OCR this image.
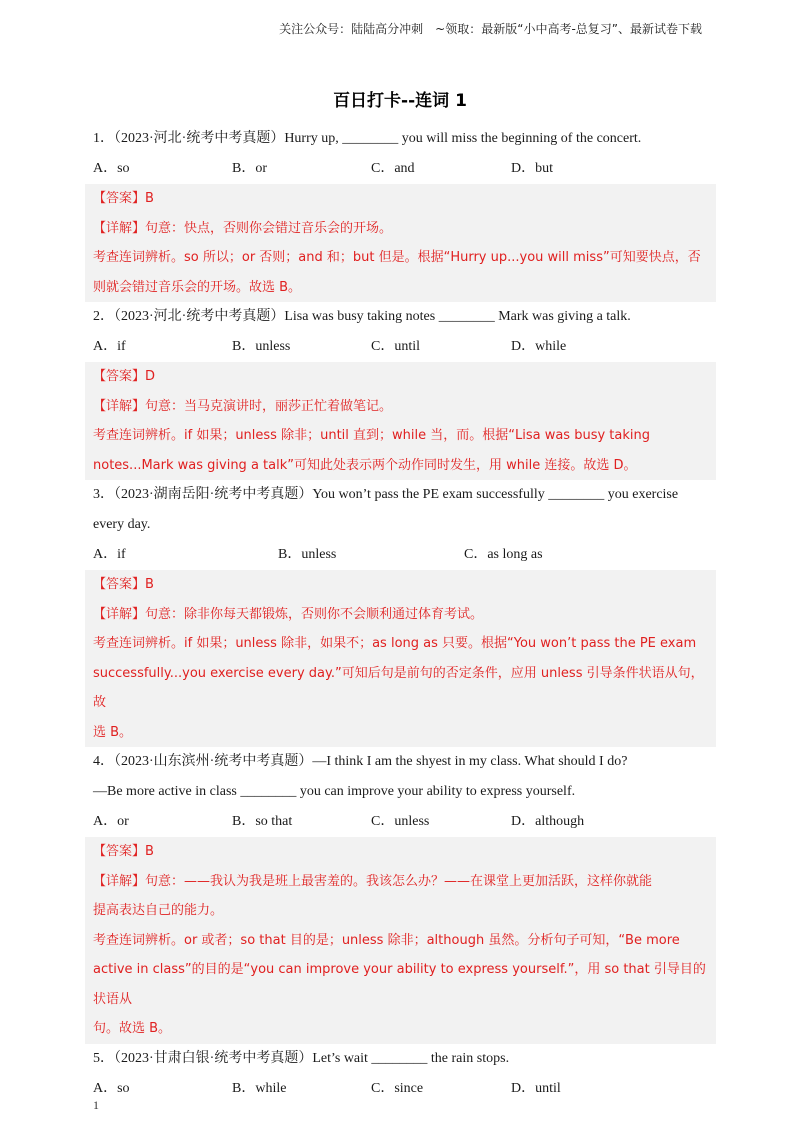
关注公众号：陆陆高分冲刺　~领取：最新版“小中高考-总复习”、最新试卷下载
百日打卡--连词 1
1．（2023·河北·统考中考真题）Hurry up, ________ you will miss the beginning of the concert.
A．so	B．or	C．and	D．but
【答案】B
【详解】句意：快点，否则你会错过音乐会的开场。
考查连词辨析。so 所以；or 否则；and 和；but 但是。根据“Hurry up...you will miss”可知要快点，否
则就会错过音乐会的开场。故选 B。
2．（2023·河北·统考中考真题）Lisa was busy taking notes ________ Mark was giving a talk.
A．if	B．unless	C．until	D．while
【答案】D
【详解】句意：当马克演讲时，丽莎正忙着做笔记。
考查连词辨析。if 如果；unless 除非；until 直到；while 当，而。根据“Lisa was busy taking
notes...Mark was giving a talk”可知此处表示两个动作同时发生，用 while 连接。故选 D。
3．（2023·湖南岳阳·统考中考真题）You won’t pass the PE exam successfully ________ you exercise
every day.
A．if	B．unless	C．as long as
【答案】B
【详解】句意：除非你每天都锻炼，否则你不会顺利通过体育考试。
考查连词辨析。if 如果；unless 除非，如果不；as long as 只要。根据“You won’t pass the PE exam
successfully...you exercise every day.”可知后句是前句的否定条件，应用 unless 引导条件状语从句，故
选 B。
4．（2023·山东滨州·统考中考真题）—I think I am the shyest in my class. What should I do?
—Be more active in class ________ you can improve your ability to express yourself.
A．or	B．so that	C．unless	D．although
【答案】B
【详解】句意：——我认为我是班上最害羞的。我该怎么办？——在课堂上更加活跃，这样你就能
提高表达自己的能力。
考查连词辨析。or 或者；so that 目的是；unless 除非；although 虽然。分析句子可知，“Be more
active in class”的目的是“you can improve your ability to express yourself.”，用 so that 引导目的状语从
句。故选 B。
5．（2023·甘肃白银·统考中考真题）Let’s wait ________ the rain stops.
A．so	B．while	C．since	D．until
1
